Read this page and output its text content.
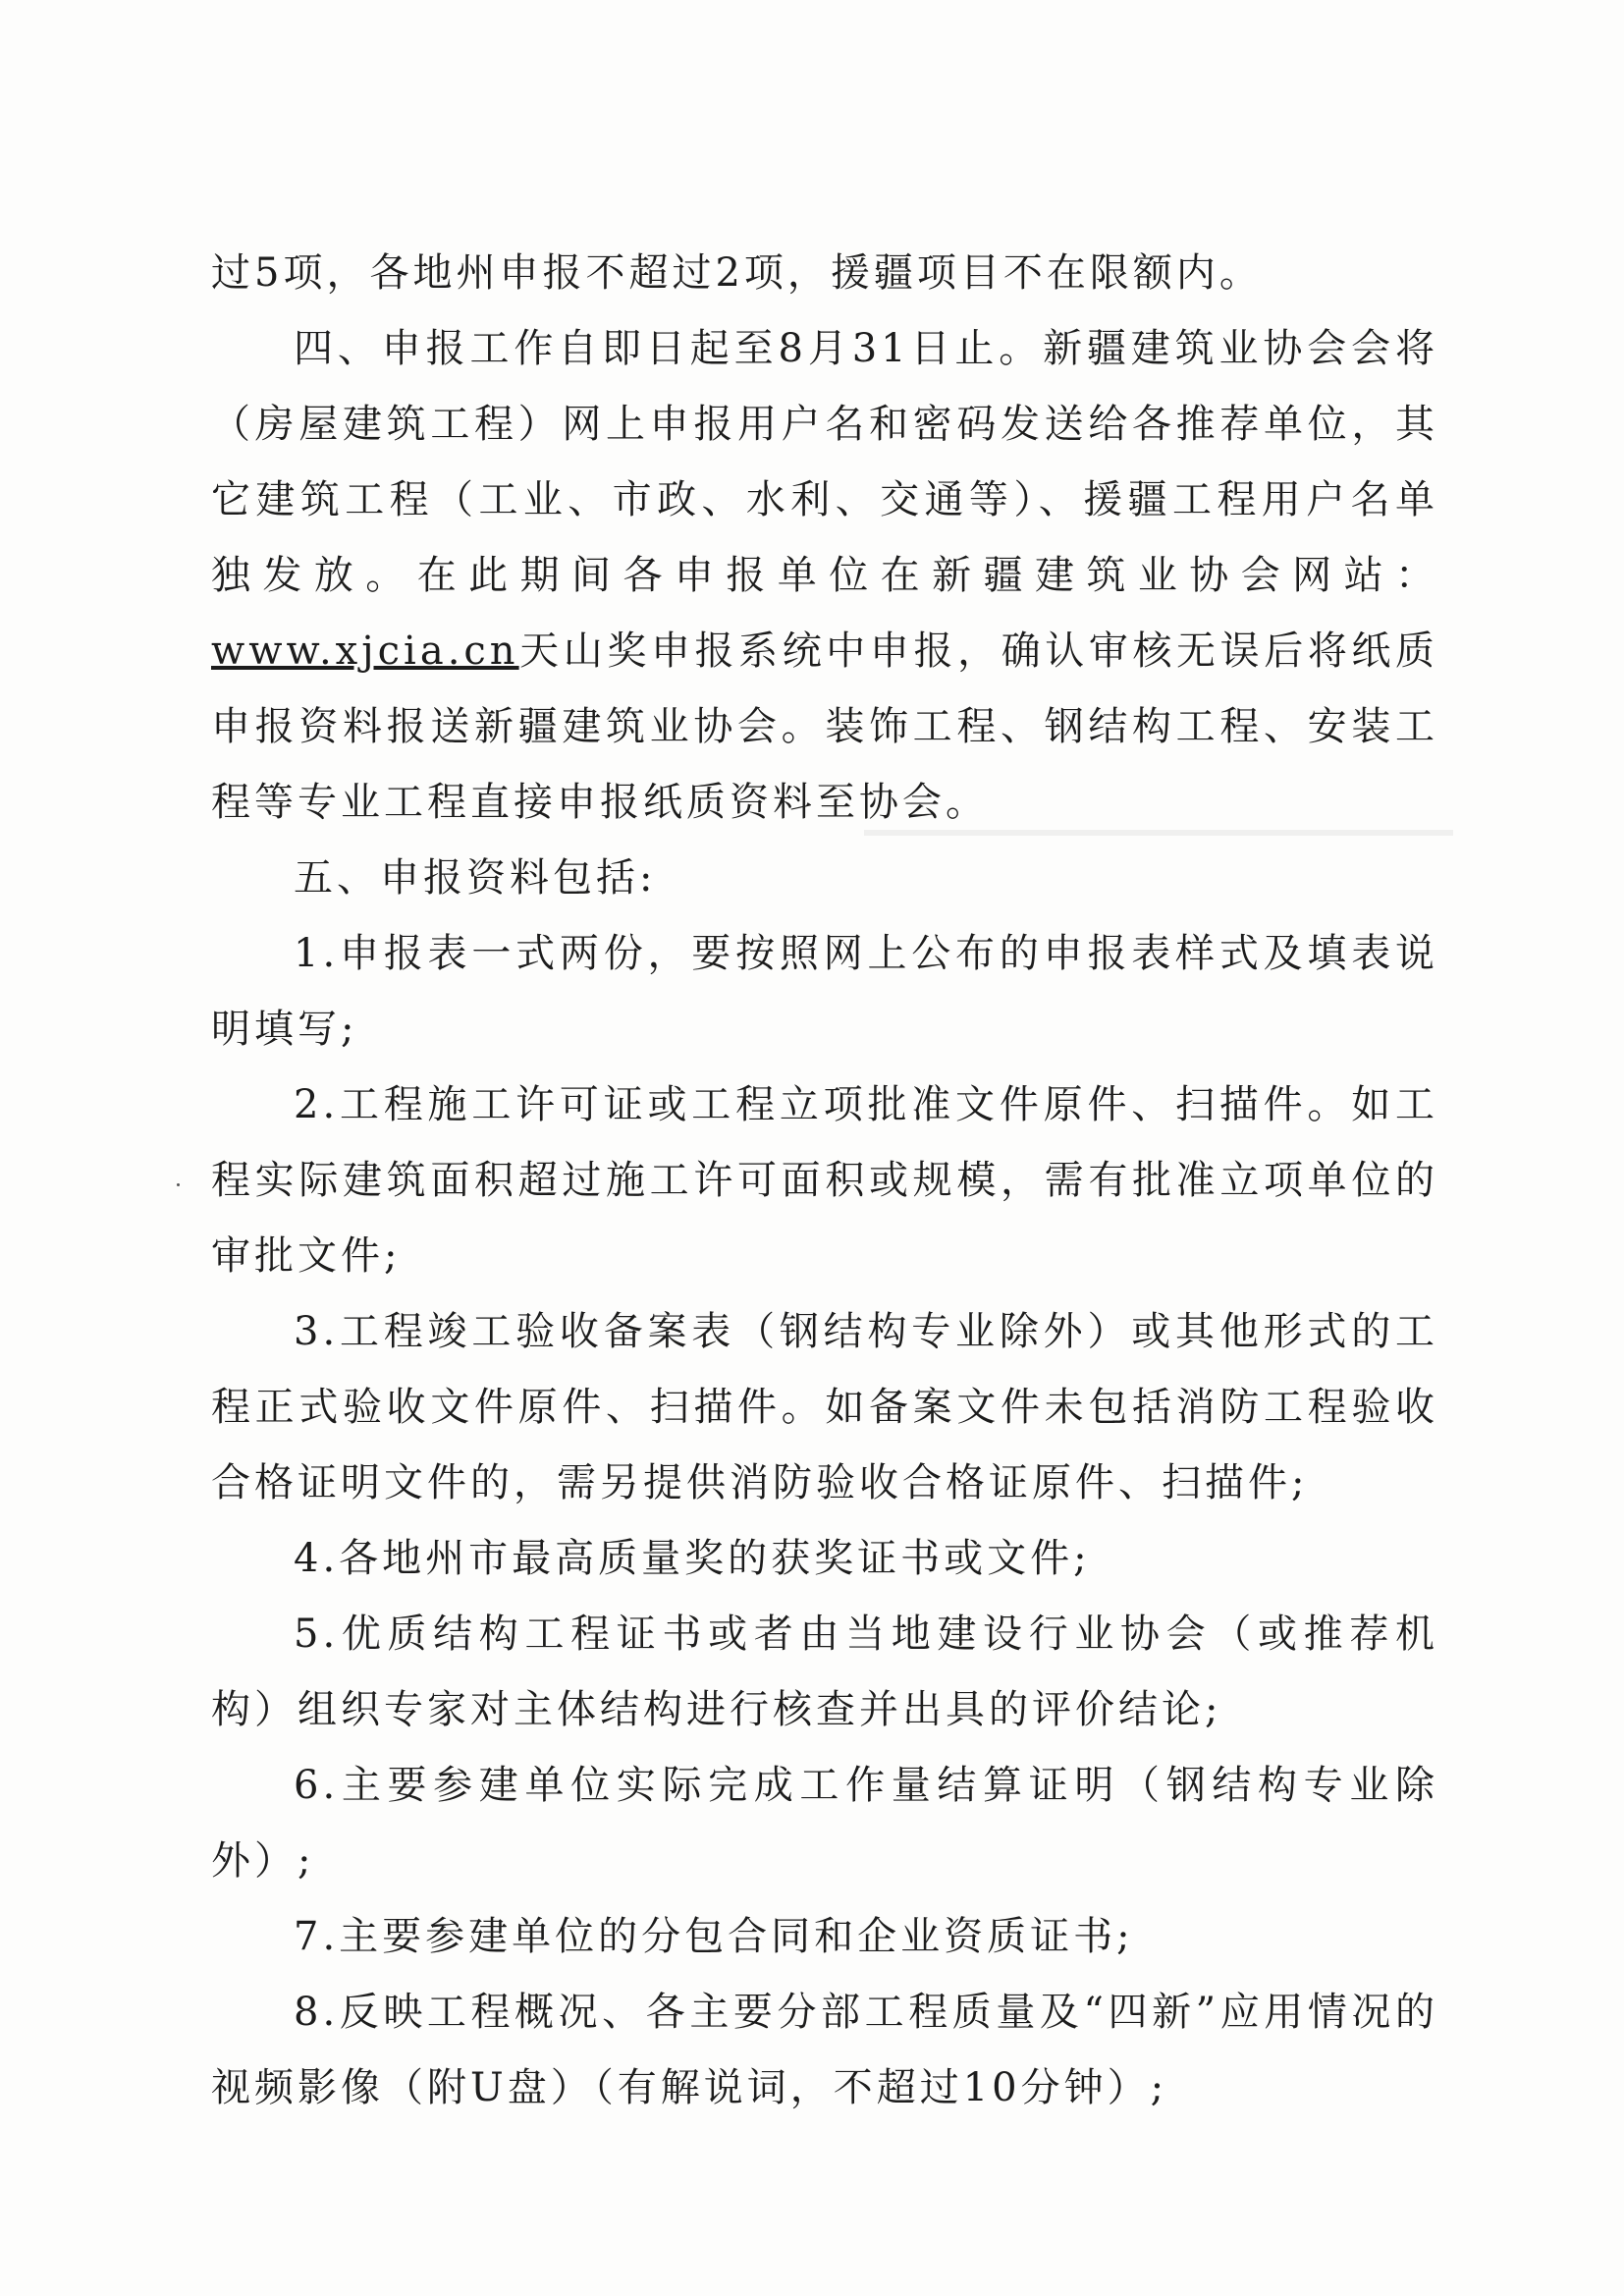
过5项，各地州申报不超过2项，援疆项目不在限额内。

四、申报工作自即日起至8月31日止。新疆建筑业协会会将（房屋建筑工程）网上申报用户名和密码发送给各推荐单位，其它建筑工程（工业、市政、水利、交通等）、援疆工程用户名单独发放。在此期间各申报单位在新疆建筑业协会网站：www.xjcia.cn天山奖申报系统中申报，确认审核无误后将纸质申报资料报送新疆建筑业协会。装饰工程、钢结构工程、安装工程等专业工程直接申报纸质资料至协会。

五、申报资料包括:

1.申报表一式两份，要按照网上公布的申报表样式及填表说明填写;

2.工程施工许可证或工程立项批准文件原件、扫描件。如工程实际建筑面积超过施工许可面积或规模，需有批准立项单位的审批文件;

3.工程竣工验收备案表（钢结构专业除外）或其他形式的工程正式验收文件原件、扫描件。如备案文件未包括消防工程验收合格证明文件的，需另提供消防验收合格证原件、扫描件;

4.各地州市最高质量奖的获奖证书或文件;

5.优质结构工程证书或者由当地建设行业协会（或推荐机构）组织专家对主体结构进行核查并出具的评价结论;

6.主要参建单位实际完成工作量结算证明（钢结构专业除外）;

7.主要参建单位的分包合同和企业资质证书;

8.反映工程概况、各主要分部工程质量及“四新”应用情况的视频影像（附U盘）（有解说词，不超过10分钟）;
